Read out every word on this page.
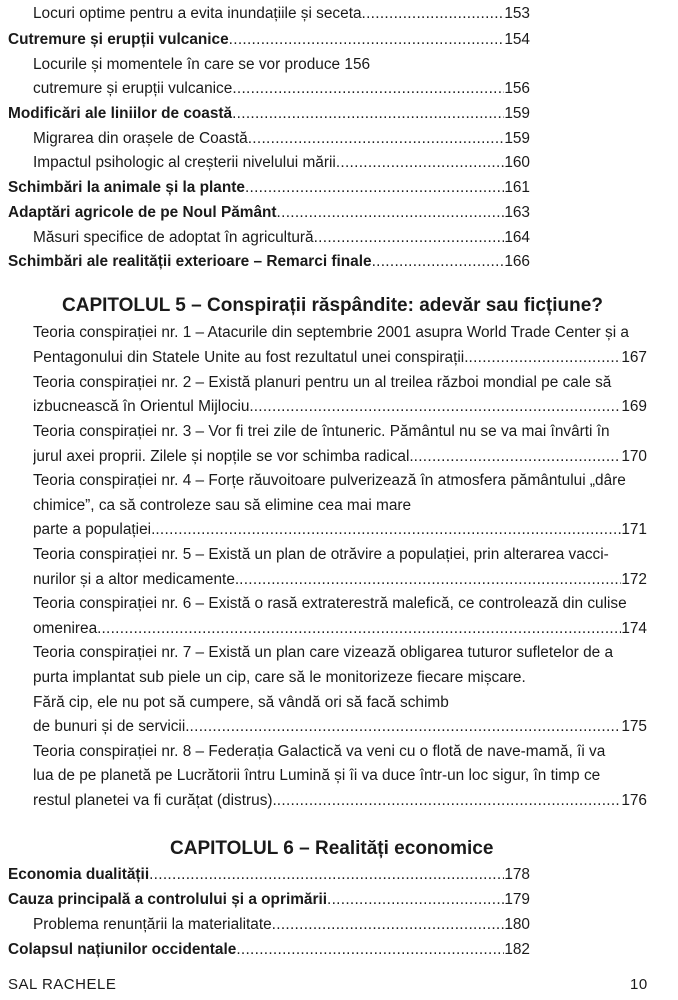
Locuri optime pentru a evita inundațiile și seceta .....	153
Cutremure și erupții vulcanice .....	154
Locurile și momentele în care se vor produce 156
cutremure și erupții vulcanice .....	156
Modificări ale liniilor de coastă .....	159
Migrarea din orașele de Coastă .....	159
Impactul psihologic al creșterii nivelului mării .....	160
Schimbări la animale și la plante .....	161
Adaptări agricole de pe Noul Pământ .....	163
Măsuri specifice de adoptat în agricultură .....	164
Schimbări ale realității exterioare – Remarci finale .....	166
CAPITOLUL 5 – Conspirații răspândite: adevăr sau ficțiune?
Teoria conspirației nr. 1 – Atacurile din septembrie 2001 asupra World Trade Center și a
Pentagonului din Statele Unite au fost rezultatul unei conspirații. .....	167
Teoria conspirației nr. 2 – Există planuri pentru un al treilea război mondial pe cale să
izbucnească în Orientul Mijlociu. .....	169
Teoria conspirației nr. 3 – Vor fi trei zile de întuneric. Pământul nu se va mai învârti în
jurul axei proprii. Zilele și nopțile se vor schimba radical. .....	170
Teoria conspirației nr. 4 – Forțe răuvoitoare pulverizează în atmosfera pământului „dâre
chimice”, ca să controleze sau să elimine cea mai mare
parte a populației. .....	171
Teoria conspirației nr. 5 – Există un plan de otrăvire a populației, prin alterarea vacci-
nurilor și a altor medicamente. .....	172
Teoria conspirației nr. 6 – Există o rasă extraterestră malefică, ce controlează din culise
omenirea. .....	174
Teoria conspirației nr. 7 – Există un plan care vizează obligarea tuturor sufletelor de a
purta implantat sub piele un cip, care să le monitorizeze fiecare mișcare.
Fără cip, ele nu pot să cumpere, să vândă ori să facă schimb
de bunuri și de servicii. .....	175
Teoria conspirației nr. 8 – Federația Galactică va veni cu o flotă de nave-mamă, îi va
lua de pe planetă pe Lucrătorii întru Lumină și îi va duce într-un loc sigur, în timp ce
restul planetei va fi curățat (distrus). .....	176
CAPITOLUL 6 – Realități economice
Economia dualității .....	178
Cauza principală a controlului și a oprimării .....	179
Problema renunțării la materialitate .....	180
Colapsul națiunilor occidentale .....	182
SAL RACHELE	10
